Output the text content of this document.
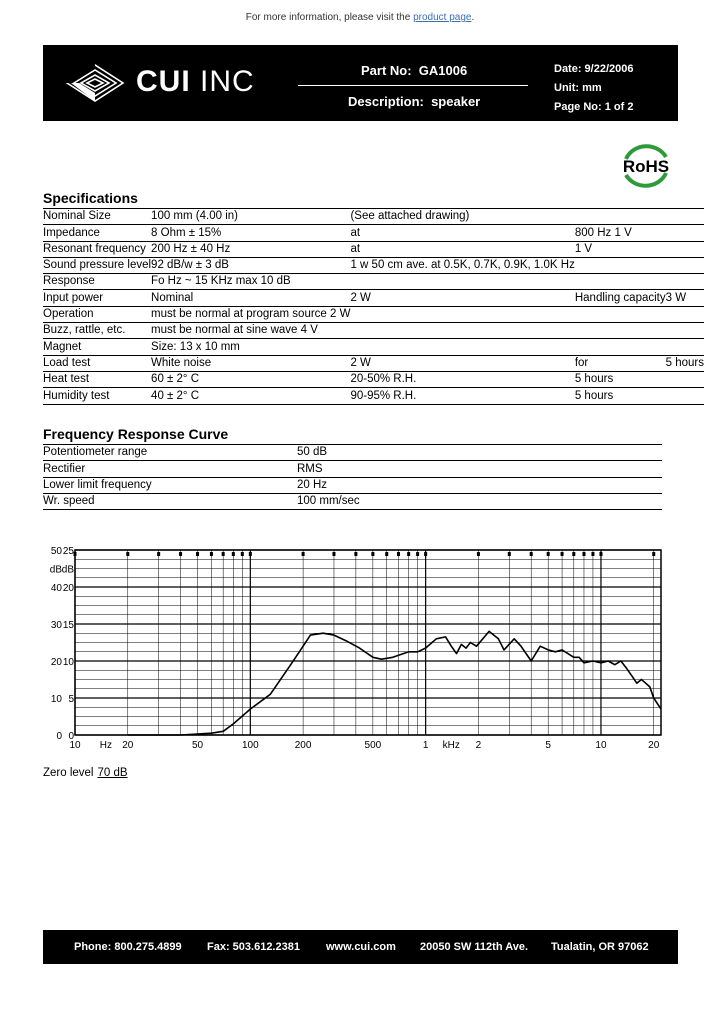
For more information, please visit the product page.
CUI INC	Part No: GA1006
Description: speaker
Date: 9/22/2006
Unit: mm
Page No: 1 of 2
RoHS
Specifications
Nominal Size	100 mm (4.00 in)	(See attached drawing)		
Impedance	8 Ohm ± 15%	at	800 Hz 1 V	
Resonant frequency	200 Hz ± 40 Hz	at	1 V	
Sound pressure level	92 dB/w ± 3 dB	1 w 50 cm ave. at 0.5K, 0.7K, 0.9K, 1.0K Hz		
Response	Fo Hz ~ 15 KHz max 10 dB			
Input power	Nominal	2 W	Handling capacity	3 W
Operation	must be normal at program source 2 W			
Buzz, rattle, etc.	must be normal at sine wave 4 V			
Magnet	Size: 13 x 10 mm			
Load test	White noise	2 W	for	5 hours
Heat test	60 ± 2° C	20-50% R.H.	5 hours	
Humidity test	40 ± 2° C	90-95% R.H.	5 hours	
Frequency Response Curve
Potentiometer range	50 dB
Rectifier	RMS
Lower limit frequency	20 Hz
Wr. speed	100 mm/sec
50 25
dB dB
40 20
30 15
20 10
10 5
0 0
10 Hz 20	50	100	200	500	1 kHz 2	5	10	20
Zero level 70 dB
Phone: 800.275.4899 Fax: 503.612.2381 www.cui.com 20050 SW 112th Ave. Tualatin, OR 97062
